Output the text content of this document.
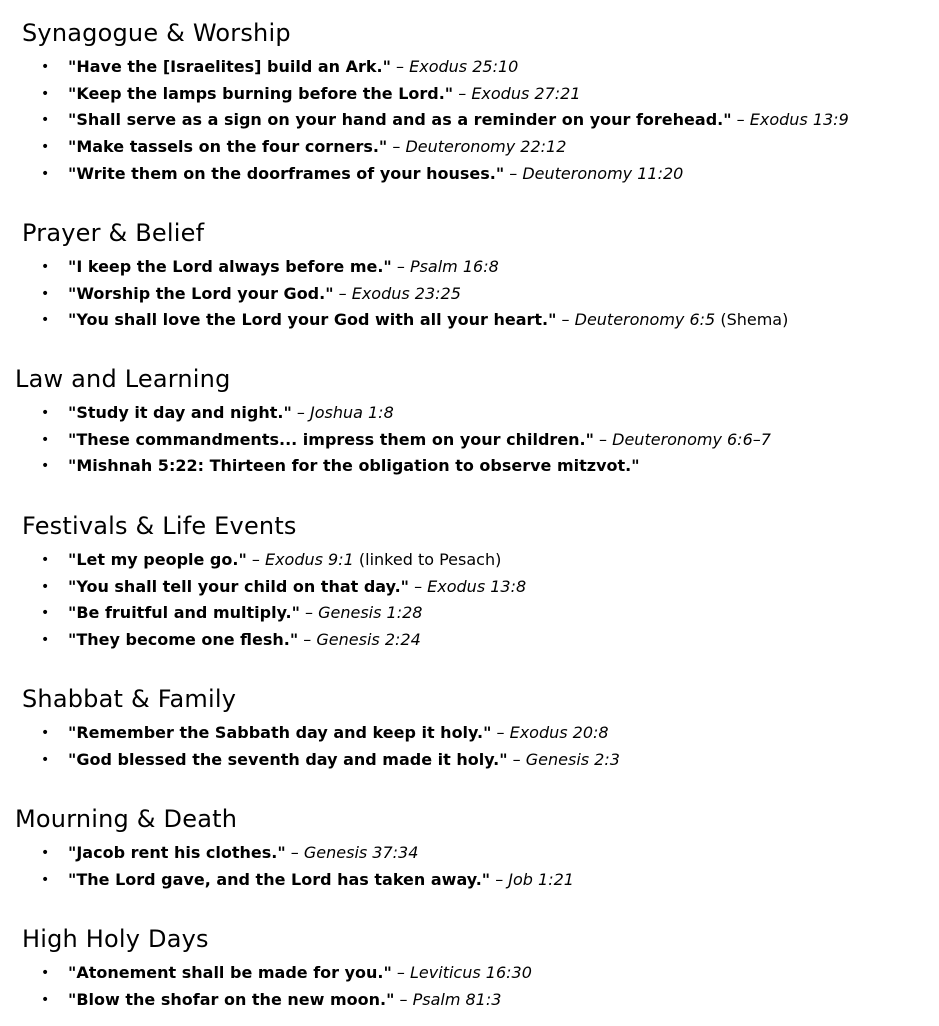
Synagogue & Worship
• "Have the [Israelites] build an Ark." – Exodus 25:10
• "Keep the lamps burning before the Lord." – Exodus 27:21
• "Shall serve as a sign on your hand and as a reminder on your forehead." – Exodus 13:9
• "Make tassels on the four corners." – Deuteronomy 22:12
• "Write them on the doorframes of your houses." – Deuteronomy 11:20
Prayer & Belief
• "I keep the Lord always before me." – Psalm 16:8
• "Worship the Lord your God." – Exodus 23:25
• "You shall love the Lord your God with all your heart." – Deuteronomy 6:5 (Shema)
Law and Learning
• "Study it day and night." – Joshua 1:8
• "These commandments... impress them on your children." – Deuteronomy 6:6–7
• "Mishnah 5:22: Thirteen for the obligation to observe mitzvot."
Festivals & Life Events
• "Let my people go." – Exodus 9:1 (linked to Pesach)
• "You shall tell your child on that day." – Exodus 13:8
• "Be fruitful and multiply." – Genesis 1:28
• "They become one flesh." – Genesis 2:24
Shabbat & Family
• "Remember the Sabbath day and keep it holy." – Exodus 20:8
• "God blessed the seventh day and made it holy." – Genesis 2:3
Mourning & Death
• "Jacob rent his clothes." – Genesis 37:34
• "The Lord gave, and the Lord has taken away." – Job 1:21
High Holy Days
• "Atonement shall be made for you." – Leviticus 16:30
• "Blow the shofar on the new moon." – Psalm 81:3
